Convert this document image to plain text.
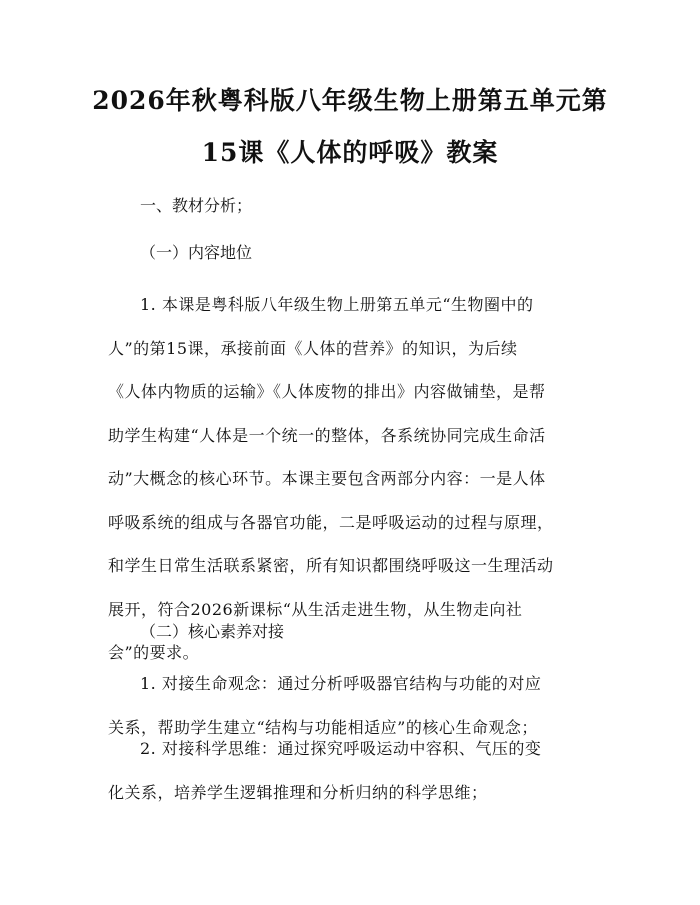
2026年秋粤科版八年级生物上册第五单元第
15课《人体的呼吸》教案
一、教材分析；
（一）内容地位
1. 本课是粤科版八年级生物上册第五单元“生物圈中的
人”的第15课，承接前面《人体的营养》的知识，为后续
《人体内物质的运输》《人体废物的排出》内容做铺垫，是帮
助学生构建“人体是一个统一的整体，各系统协同完成生命活
动”大概念的核心环节。本课主要包含两部分内容：一是人体
呼吸系统的组成与各器官功能，二是呼吸运动的过程与原理，
和学生日常生活联系紧密，所有知识都围绕呼吸这一生理活动
展开，符合2026新课标“从生活走进生物，从生物走向社
会”的要求。
（二）核心素养对接
1. 对接生命观念：通过分析呼吸器官结构与功能的对应
关系，帮助学生建立“结构与功能相适应”的核心生命观念；
2. 对接科学思维：通过探究呼吸运动中容积、气压的变
化关系，培养学生逻辑推理和分析归纳的科学思维；
